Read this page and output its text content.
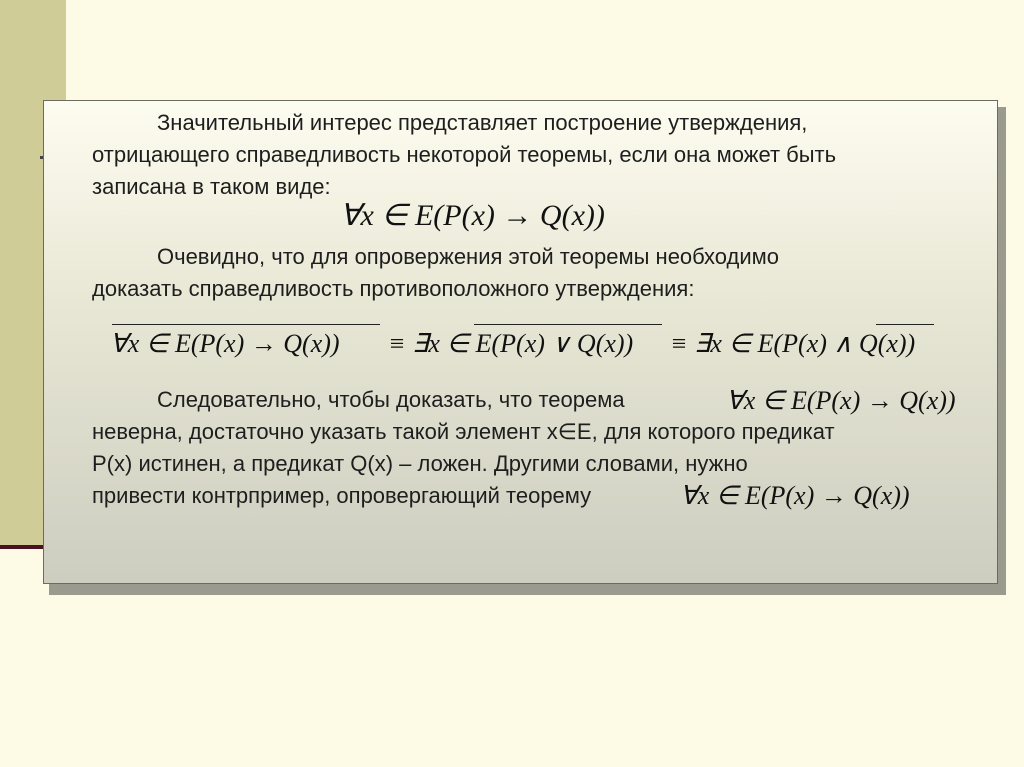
Значительный интерес представляет построение утверждения,

отрицающего справедливость некоторой теоремы, если она может быть

записана в таком виде:

∀x ∈ E(P(x) → Q(x))

Очевидно, что для опровержения этой теоремы необходимо

доказать справедливость противоположного утверждения:

∀x ∈ E(P(x) → Q(x)) ≡ ∃x ∈ E(P(x) ∨ Q(x)) ≡ ∃x ∈ E(P(x) ∧ Q(x))

Следовательно, чтобы доказать, что теорема	∀x ∈ E(P(x) → Q(x))

неверна, достаточно указать такой элемент x∈E, для которого предикат

P(x) истинен, а предикат Q(x) – ложен. Другими словами, нужно

привести контрпример, опровергающий теорему	∀x ∈ E(P(x) → Q(x))
